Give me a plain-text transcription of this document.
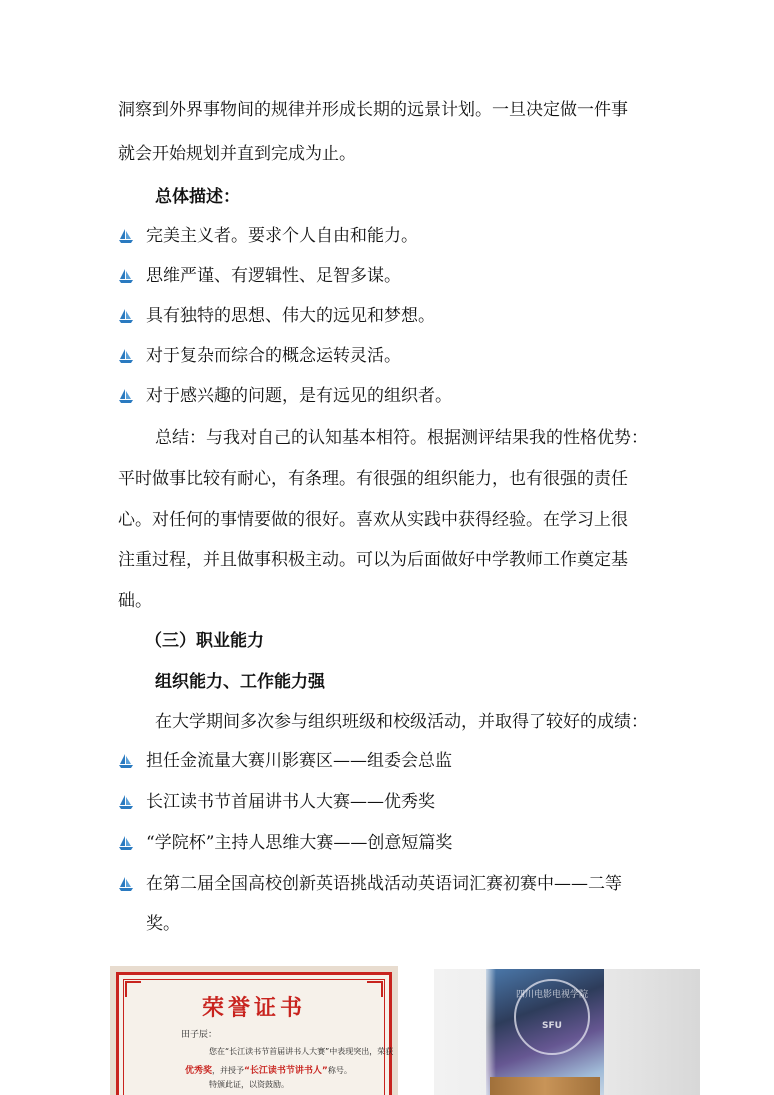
洞察到外界事物间的规律并形成长期的远景计划。一旦决定做一件事
就会开始规划并直到完成为止。
总体描述：
完美主义者。要求个人自由和能力。
思维严谨、有逻辑性、足智多谋。
具有独特的思想、伟大的远见和梦想。
对于复杂而综合的概念运转灵活。
对于感兴趣的问题，是有远见的组织者。
总结：与我对自己的认知基本相符。根据测评结果我的性格优势：
平时做事比较有耐心，有条理。有很强的组织能力，也有很强的责任
心。对任何的事情要做的很好。喜欢从实践中获得经验。在学习上很
注重过程，并且做事积极主动。可以为后面做好中学教师工作奠定基
础。
（三）职业能力
组织能力、工作能力强
在大学期间多次参与组织班级和校级活动，并取得了较好的成绩：
担任金流量大赛川影赛区——组委会总监
长江读书节首届讲书人大赛——优秀奖
“学院杯”主持人思维大赛——创意短篇奖
在第二届全国高校创新英语挑战活动英语词汇赛初赛中——二等
奖。
荣誉证书
田子辰：
您在“长江读书节首届讲书人大赛”中表现突出，荣获
优秀奖，并授予“长江读书节讲书人”称号。
特颁此证，以资鼓励。
四川电影电视学院
SFU
